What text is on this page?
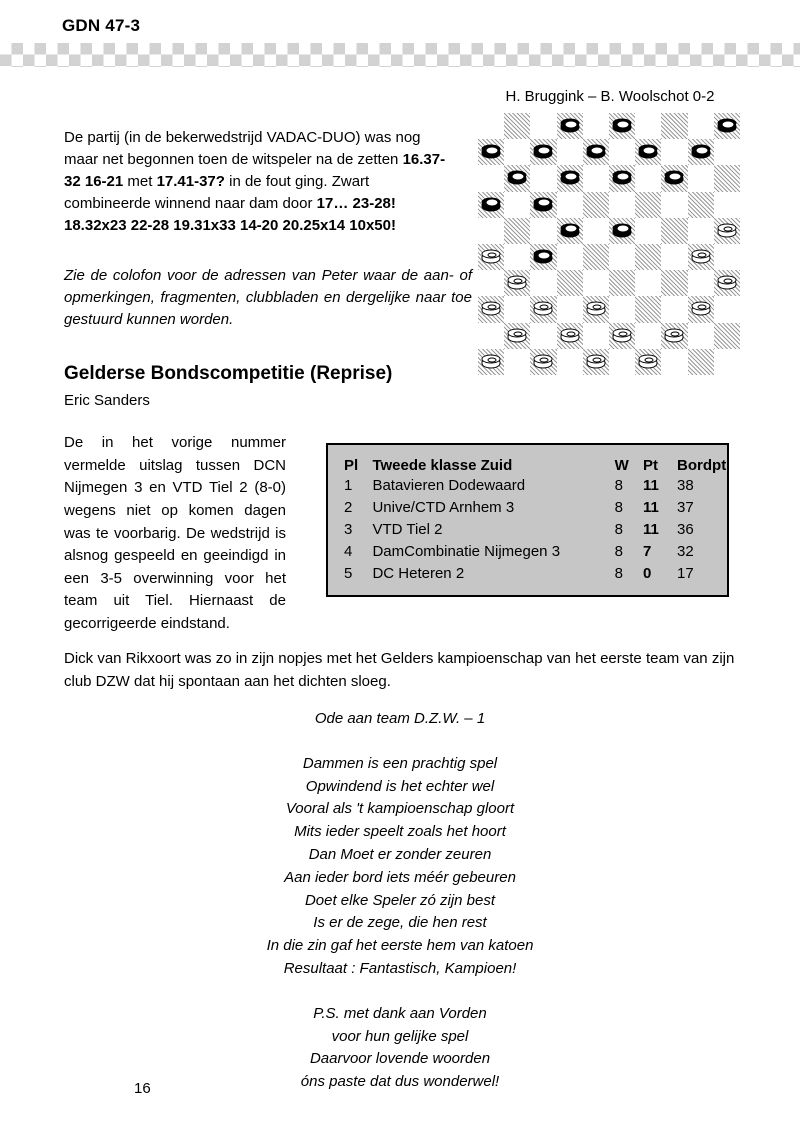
GDN 47-3
H. Bruggink – B. Woolschot 0-2
De partij (in de bekerwedstrijd VADAC-DUO) was nog maar net begonnen toen de witspeler na de zetten 16.37-32 16-21 met 17.41-37? in de fout ging. Zwart combineerde winnend naar dam door 17… 23-28! 18.32x23 22-28 19.31x33 14-20 20.25x14 10x50!
Zie de colofon voor de adressen van Peter waar de aan- of opmerkingen, fragmenten, clubbladen en dergelijke naar toe gestuurd kunnen worden.
Gelderse Bondscompetitie (Reprise)
Eric Sanders
De in het vorige nummer vermelde uitslag tussen DCN Nijmegen 3 en VTD Tiel 2 (8-0) wegens niet op komen dagen was te voorbarig. De wedstrijd is alsnog gespeeld en geeindigd in een 3-5 overwinning voor het team uit Tiel. Hiernaast de gecorrigeerde eindstand.
Pl	Tweede klasse Zuid	W	Pt	Bordpt
1	Batavieren Dodewaard	8	11	38
2	Unive/CTD Arnhem 3	8	11	37
3	VTD Tiel 2	8	11	36
4	DamCombinatie Nijmegen 3	8	7	32
5	DC Heteren 2	8	0	17
Dick van Rikxoort was zo in zijn nopjes met het Gelders kampioenschap van het eerste team van zijn club DZW dat hij spontaan aan het dichten sloeg.
Ode aan team D.Z.W. – 1
Dammen is een prachtig spel
Opwindend is het echter wel
Vooral als 't kampioenschap gloort
Mits ieder speelt zoals het hoort
Dan Moet er zonder zeuren
Aan ieder bord iets méér gebeuren
Doet elke Speler zó zijn best
Is er de zege, die hen rest
In die zin gaf het eerste hem van katoen
Resultaat : Fantastisch, Kampioen!
P.S. met dank aan Vorden
voor hun gelijke spel
Daarvoor lovende woorden
óns paste dat dus wonderwel!
16
